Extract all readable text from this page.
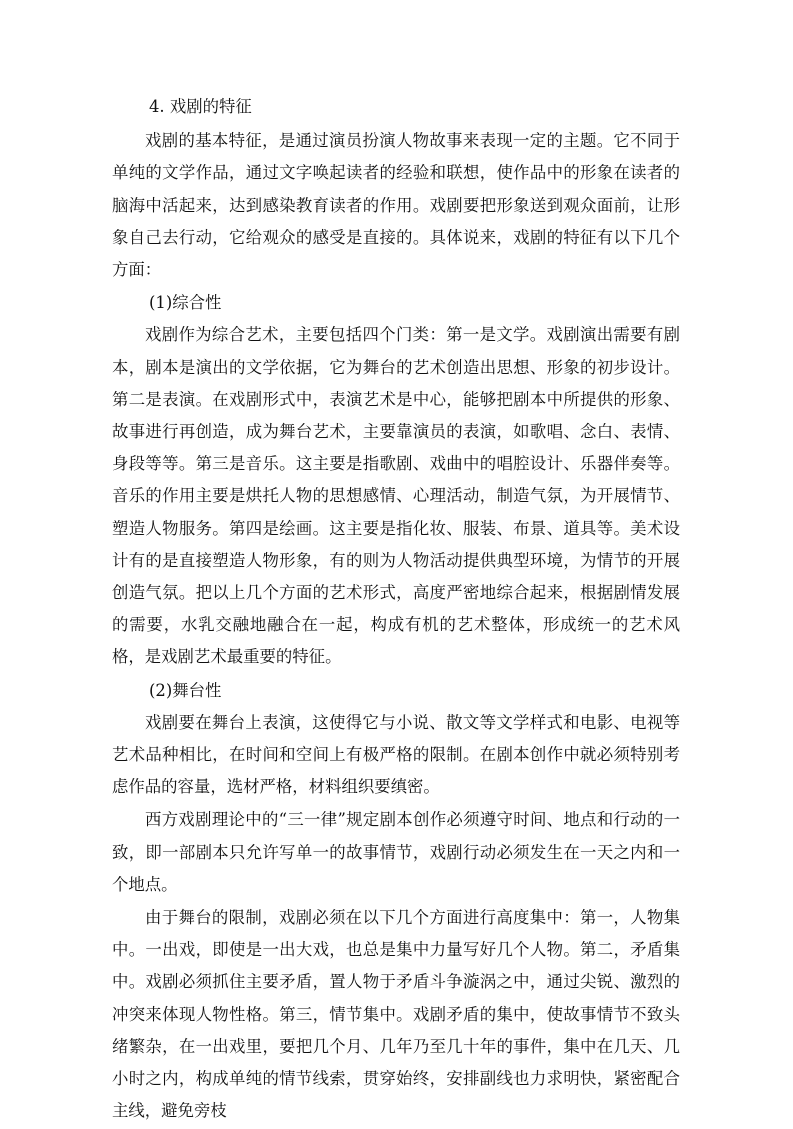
4. 戏剧的特征

戏剧的基本特征，是通过演员扮演人物故事来表现一定的主题。它不同于单纯的文学作品，通过文字唤起读者的经验和联想，使作品中的形象在读者的脑海中活起来，达到感染教育读者的作用。戏剧要把形象送到观众面前，让形象自己去行动，它给观众的感受是直接的。具体说来，戏剧的特征有以下几个方面：

(1)综合性

戏剧作为综合艺术，主要包括四个门类：第一是文学。戏剧演出需要有剧本，剧本是演出的文学依据，它为舞台的艺术创造出思想、形象的初步设计。第二是表演。在戏剧形式中，表演艺术是中心，能够把剧本中所提供的形象、故事进行再创造，成为舞台艺术，主要靠演员的表演，如歌唱、念白、表情、身段等等。第三是音乐。这主要是指歌剧、戏曲中的唱腔设计、乐器伴奏等。音乐的作用主要是烘托人物的思想感情、心理活动，制造气氛，为开展情节、塑造人物服务。第四是绘画。这主要是指化妆、服装、布景、道具等。美术设计有的是直接塑造人物形象，有的则为人物活动提供典型环境，为情节的开展创造气氛。把以上几个方面的艺术形式，高度严密地综合起来，根据剧情发展的需要，水乳交融地融合在一起，构成有机的艺术整体，形成统一的艺术风格，是戏剧艺术最重要的特征。

(2)舞台性

戏剧要在舞台上表演，这使得它与小说、散文等文学样式和电影、电视等艺术品种相比，在时间和空间上有极严格的限制。在剧本创作中就必须特别考虑作品的容量，选材严格，材料组织要缜密。

西方戏剧理论中的“三一律”规定剧本创作必须遵守时间、地点和行动的一致，即一部剧本只允许写单一的故事情节，戏剧行动必须发生在一天之内和一个地点。

由于舞台的限制，戏剧必须在以下几个方面进行高度集中：第一，人物集中。一出戏，即使是一出大戏，也总是集中力量写好几个人物。第二，矛盾集中。戏剧必须抓住主要矛盾，置人物于矛盾斗争漩涡之中，通过尖锐、激烈的冲突来体现人物性格。第三，情节集中。戏剧矛盾的集中，使故事情节不致头绪繁杂，在一出戏里，要把几个月、几年乃至几十年的事件，集中在几天、几小时之内，构成单纯的情节线索，贯穿始终，安排副线也力求明快，紧密配合主线，避免旁枝
